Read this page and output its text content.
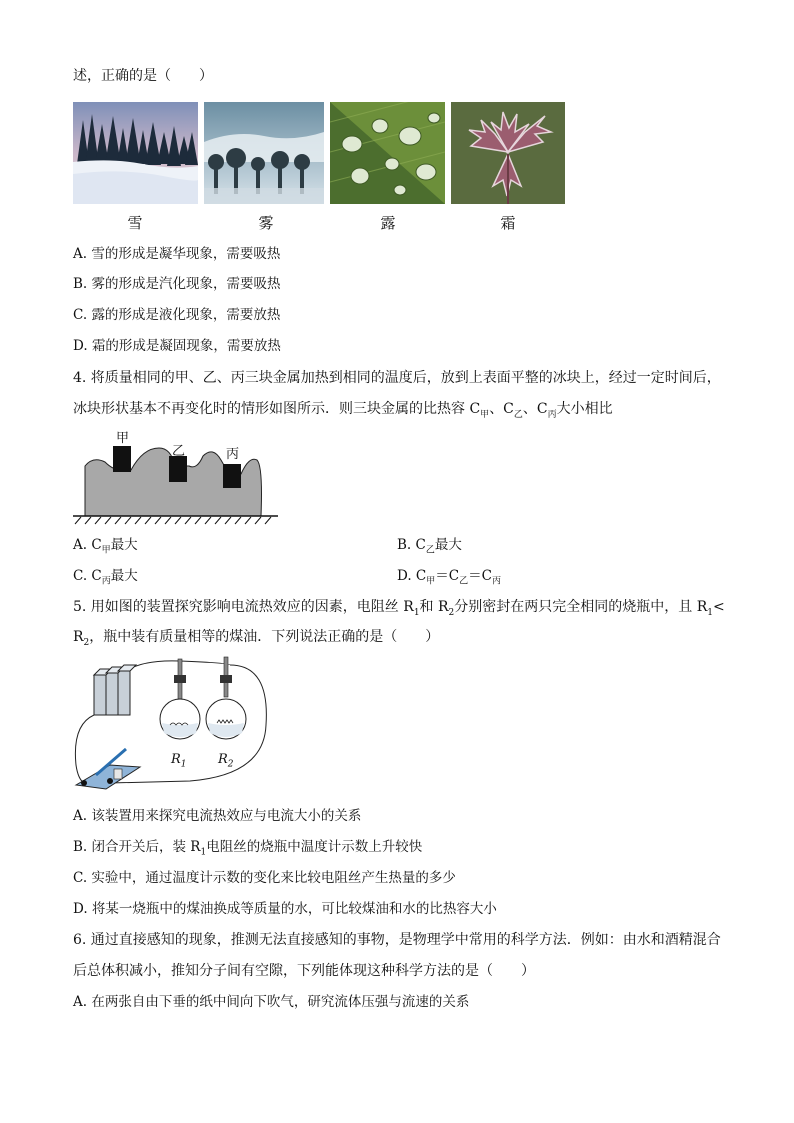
述，正确的是（　　）
雪	雾	露	霜
A. 雪的形成是凝华现象，需要吸热
B. 雾的形成是汽化现象，需要吸热
C. 露的形成是液化现象，需要放热
D. 霜的形成是凝固现象，需要放热
4. 将质量相同的甲、乙、丙三块金属加热到相同的温度后，放到上表面平整的冰块上，经过一定时间后，
冰块形状基本不再变化时的情形如图所示．则三块金属的比热容 $C_甲$、$C_乙$、$C_丙$大小相比
甲
乙	丙
A. $C_甲$最大	B. $C_乙$最大
C. $C_丙$最大	D. $C_甲=C_乙=C_丙$
5. 用如图的装置探究影响电流热效应的因素，电阻丝 $R_1$和 $R_2$分别密封在两只完全相同的烧瓶中，且 $R_1<$
$R_2$，瓶中装有质量相等的煤油．下列说法正确的是（　　）
$R_1$ $R_2$
A. 该装置用来探究电流热效应与电流大小的关系
B. 闭合开关后，装 $R_1$电阻丝的烧瓶中温度计示数上升较快
C. 实验中，通过温度计示数的变化来比较电阻丝产生热量的多少
D. 将某一烧瓶中的煤油换成等质量的水，可比较煤油和水的比热容大小
6. 通过直接感知的现象，推测无法直接感知的事物，是物理学中常用的科学方法．例如：由水和酒精混合
后总体积减小，推知分子间有空隙，下列能体现这种科学方法的是（　　）
A. 在两张自由下垂的纸中间向下吹气，研究流体压强与流速的关系
